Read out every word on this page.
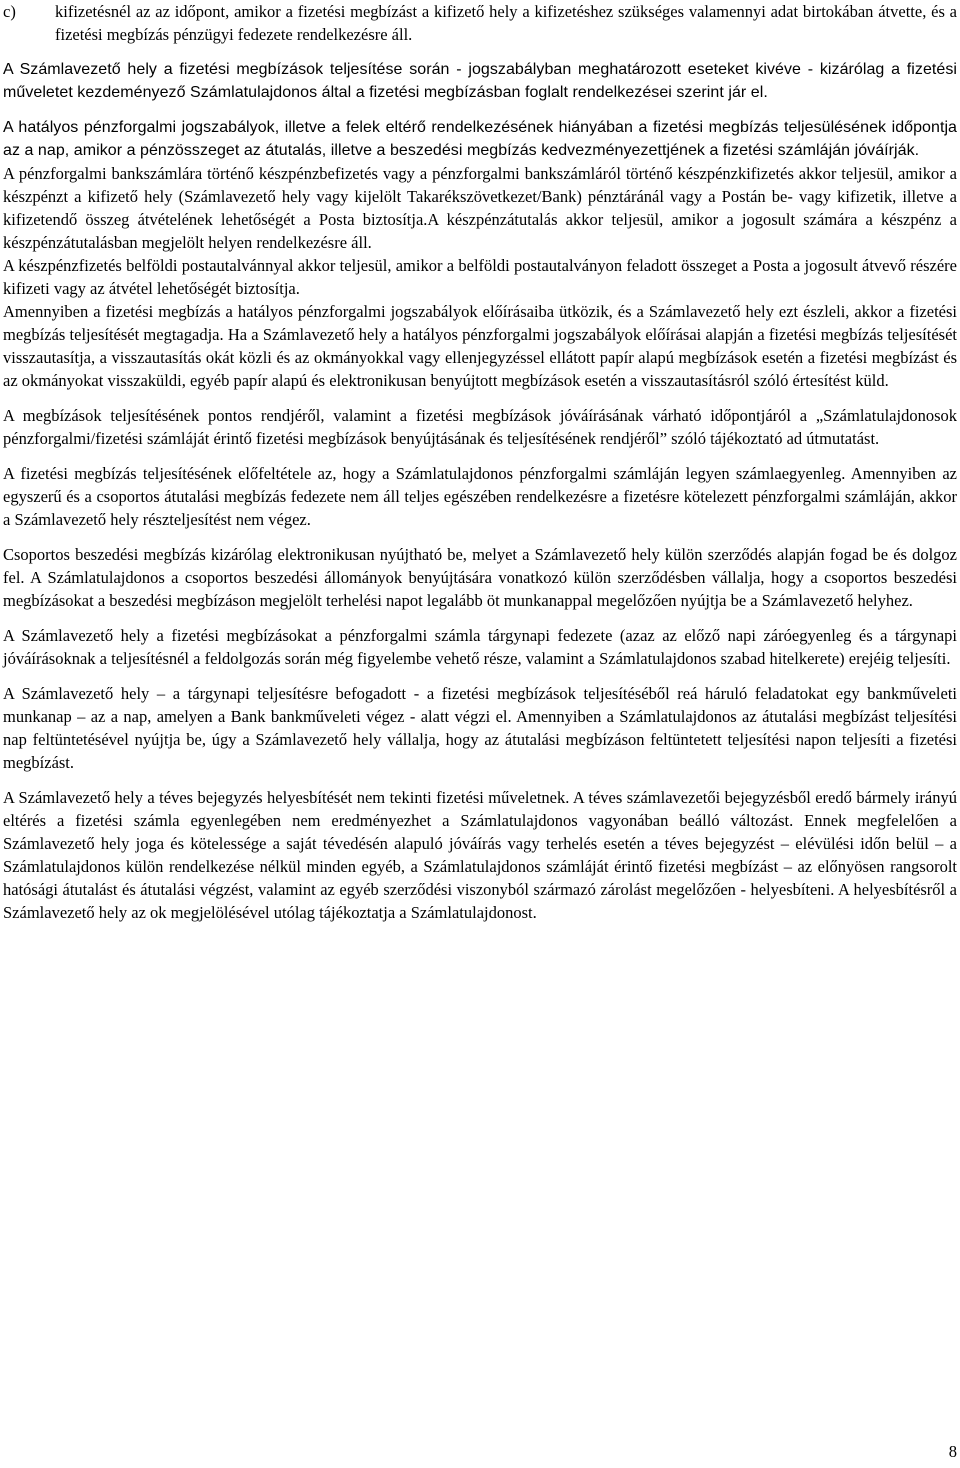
c)	kifizetésnél az az időpont, amikor a fizetési megbízást a kifizető hely a kifizetéshez szükséges valamennyi adat birtokában átvette, és a fizetési megbízás pénzügyi fedezete rendelkezésre áll.

A Számlavezető hely a fizetési megbízások teljesítése során - jogszabályban meghatározott eseteket kivéve - kizárólag a fizetési műveletet kezdeményező Számlatulajdonos által a fizetési megbízásban foglalt rendelkezései szerint jár el.

A hatályos pénzforgalmi jogszabályok, illetve a felek eltérő rendelkezésének hiányában a fizetési megbízás teljesülésének időpontja az a nap, amikor a pénzösszeget az átutalás, illetve a beszedési megbízás kedvezményezettjének a fizetési számláján jóváírják.

A pénzforgalmi bankszámlára történő készpénzbefizetés vagy a pénzforgalmi bankszámláról történő készpénzkifizetés akkor teljesül, amikor a készpénzt a kifizető hely (Számlavezető hely vagy kijelölt Takarékszövetkezet/Bank) pénztáránál vagy a Postán be- vagy kifizetik, illetve a kifizetendő összeg átvételének lehetőségét a Posta biztosítja.A készpénzátutalás akkor teljesül, amikor a jogosult számára a készpénz a készpénzátutalásban megjelölt helyen rendelkezésre áll.

A készpénzfizetés belföldi postautalvánnyal akkor teljesül, amikor a belföldi postautalványon feladott összeget a Posta a jogosult átvevő részére kifizeti vagy az átvétel lehetőségét biztosítja.

Amennyiben a fizetési megbízás a hatályos pénzforgalmi jogszabályok előírásaiba ütközik, és a Számlavezető hely ezt észleli, akkor a fizetési megbízás teljesítését megtagadja. Ha a Számlavezető hely a hatályos pénzforgalmi jogszabályok előírásai alapján a fizetési megbízás teljesítését visszautasítja, a visszautasítás okát közli és az okmányokkal vagy ellenjegyzéssel ellátott papír alapú megbízások esetén a fizetési megbízást és az okmányokat visszaküldi, egyéb papír alapú és elektronikusan benyújtott megbízások esetén a visszautasításról szóló értesítést küld.

A megbízások teljesítésének pontos rendjéről, valamint a fizetési megbízások jóváírásának várható időpontjáról a „Számlatulajdonosok pénzforgalmi/fizetési számláját érintő fizetési megbízások benyújtásának és teljesítésének rendjéről” szóló tájékoztató ad útmutatást.

A fizetési megbízás teljesítésének előfeltétele az, hogy a Számlatulajdonos pénzforgalmi számláján legyen számlaegyenleg. Amennyiben az egyszerű és a csoportos átutalási megbízás fedezete nem áll teljes egészében rendelkezésre a fizetésre kötelezett pénzforgalmi számláján, akkor a Számlavezető hely részteljesítést nem végez.

Csoportos beszedési megbízás kizárólag elektronikusan nyújtható be, melyet a Számlavezető hely külön szerződés alapján fogad be és dolgoz fel. A Számlatulajdonos a csoportos beszedési állományok benyújtására vonatkozó külön szerződésben vállalja, hogy a csoportos beszedési megbízásokat a beszedési megbízáson megjelölt terhelési napot legalább öt munkanappal megelőzően nyújtja be a Számlavezető helyhez.

A Számlavezető hely a fizetési megbízásokat a pénzforgalmi számla tárgynapi fedezete (azaz az előző napi záróegyenleg és a tárgynapi jóváírásoknak a teljesítésnél a feldolgozás során még figyelembe vehető része, valamint a Számlatulajdonos szabad hitelkerete) erejéig teljesíti.

A Számlavezető hely – a tárgynapi teljesítésre befogadott - a fizetési megbízások teljesítéséből reá háruló feladatokat egy bankműveleti munkanap – az a nap, amelyen a Bank bankműveleti végez - alatt végzi el. Amennyiben a Számlatulajdonos az átutalási megbízást teljesítési nap feltüntetésével nyújtja be, úgy a Számlavezető hely vállalja, hogy az átutalási megbízáson feltüntetett teljesítési napon teljesíti a fizetési megbízást.

A Számlavezető hely a téves bejegyzés helyesbítését nem tekinti fizetési műveletnek. A téves számlavezetői bejegyzésből eredő bármely irányú eltérés a fizetési számla egyenlegében nem eredményezhet a Számlatulajdonos vagyonában beálló változást. Ennek megfelelően a Számlavezető hely joga és kötelessége a saját tévedésén alapuló jóváírás vagy terhelés esetén a téves bejegyzést – elévülési időn belül – a Számlatulajdonos külön rendelkezése nélkül minden egyéb, a Számlatulajdonos számláját érintő fizetési megbízást – az előnyösen rangsorolt hatósági átutalást és átutalási végzést, valamint az egyéb szerződési viszonyból származó zárolást megelőzően - helyesbíteni. A helyesbítésről a Számlavezető hely az ok megjelölésével utólag tájékoztatja a Számlatulajdonost.

8
